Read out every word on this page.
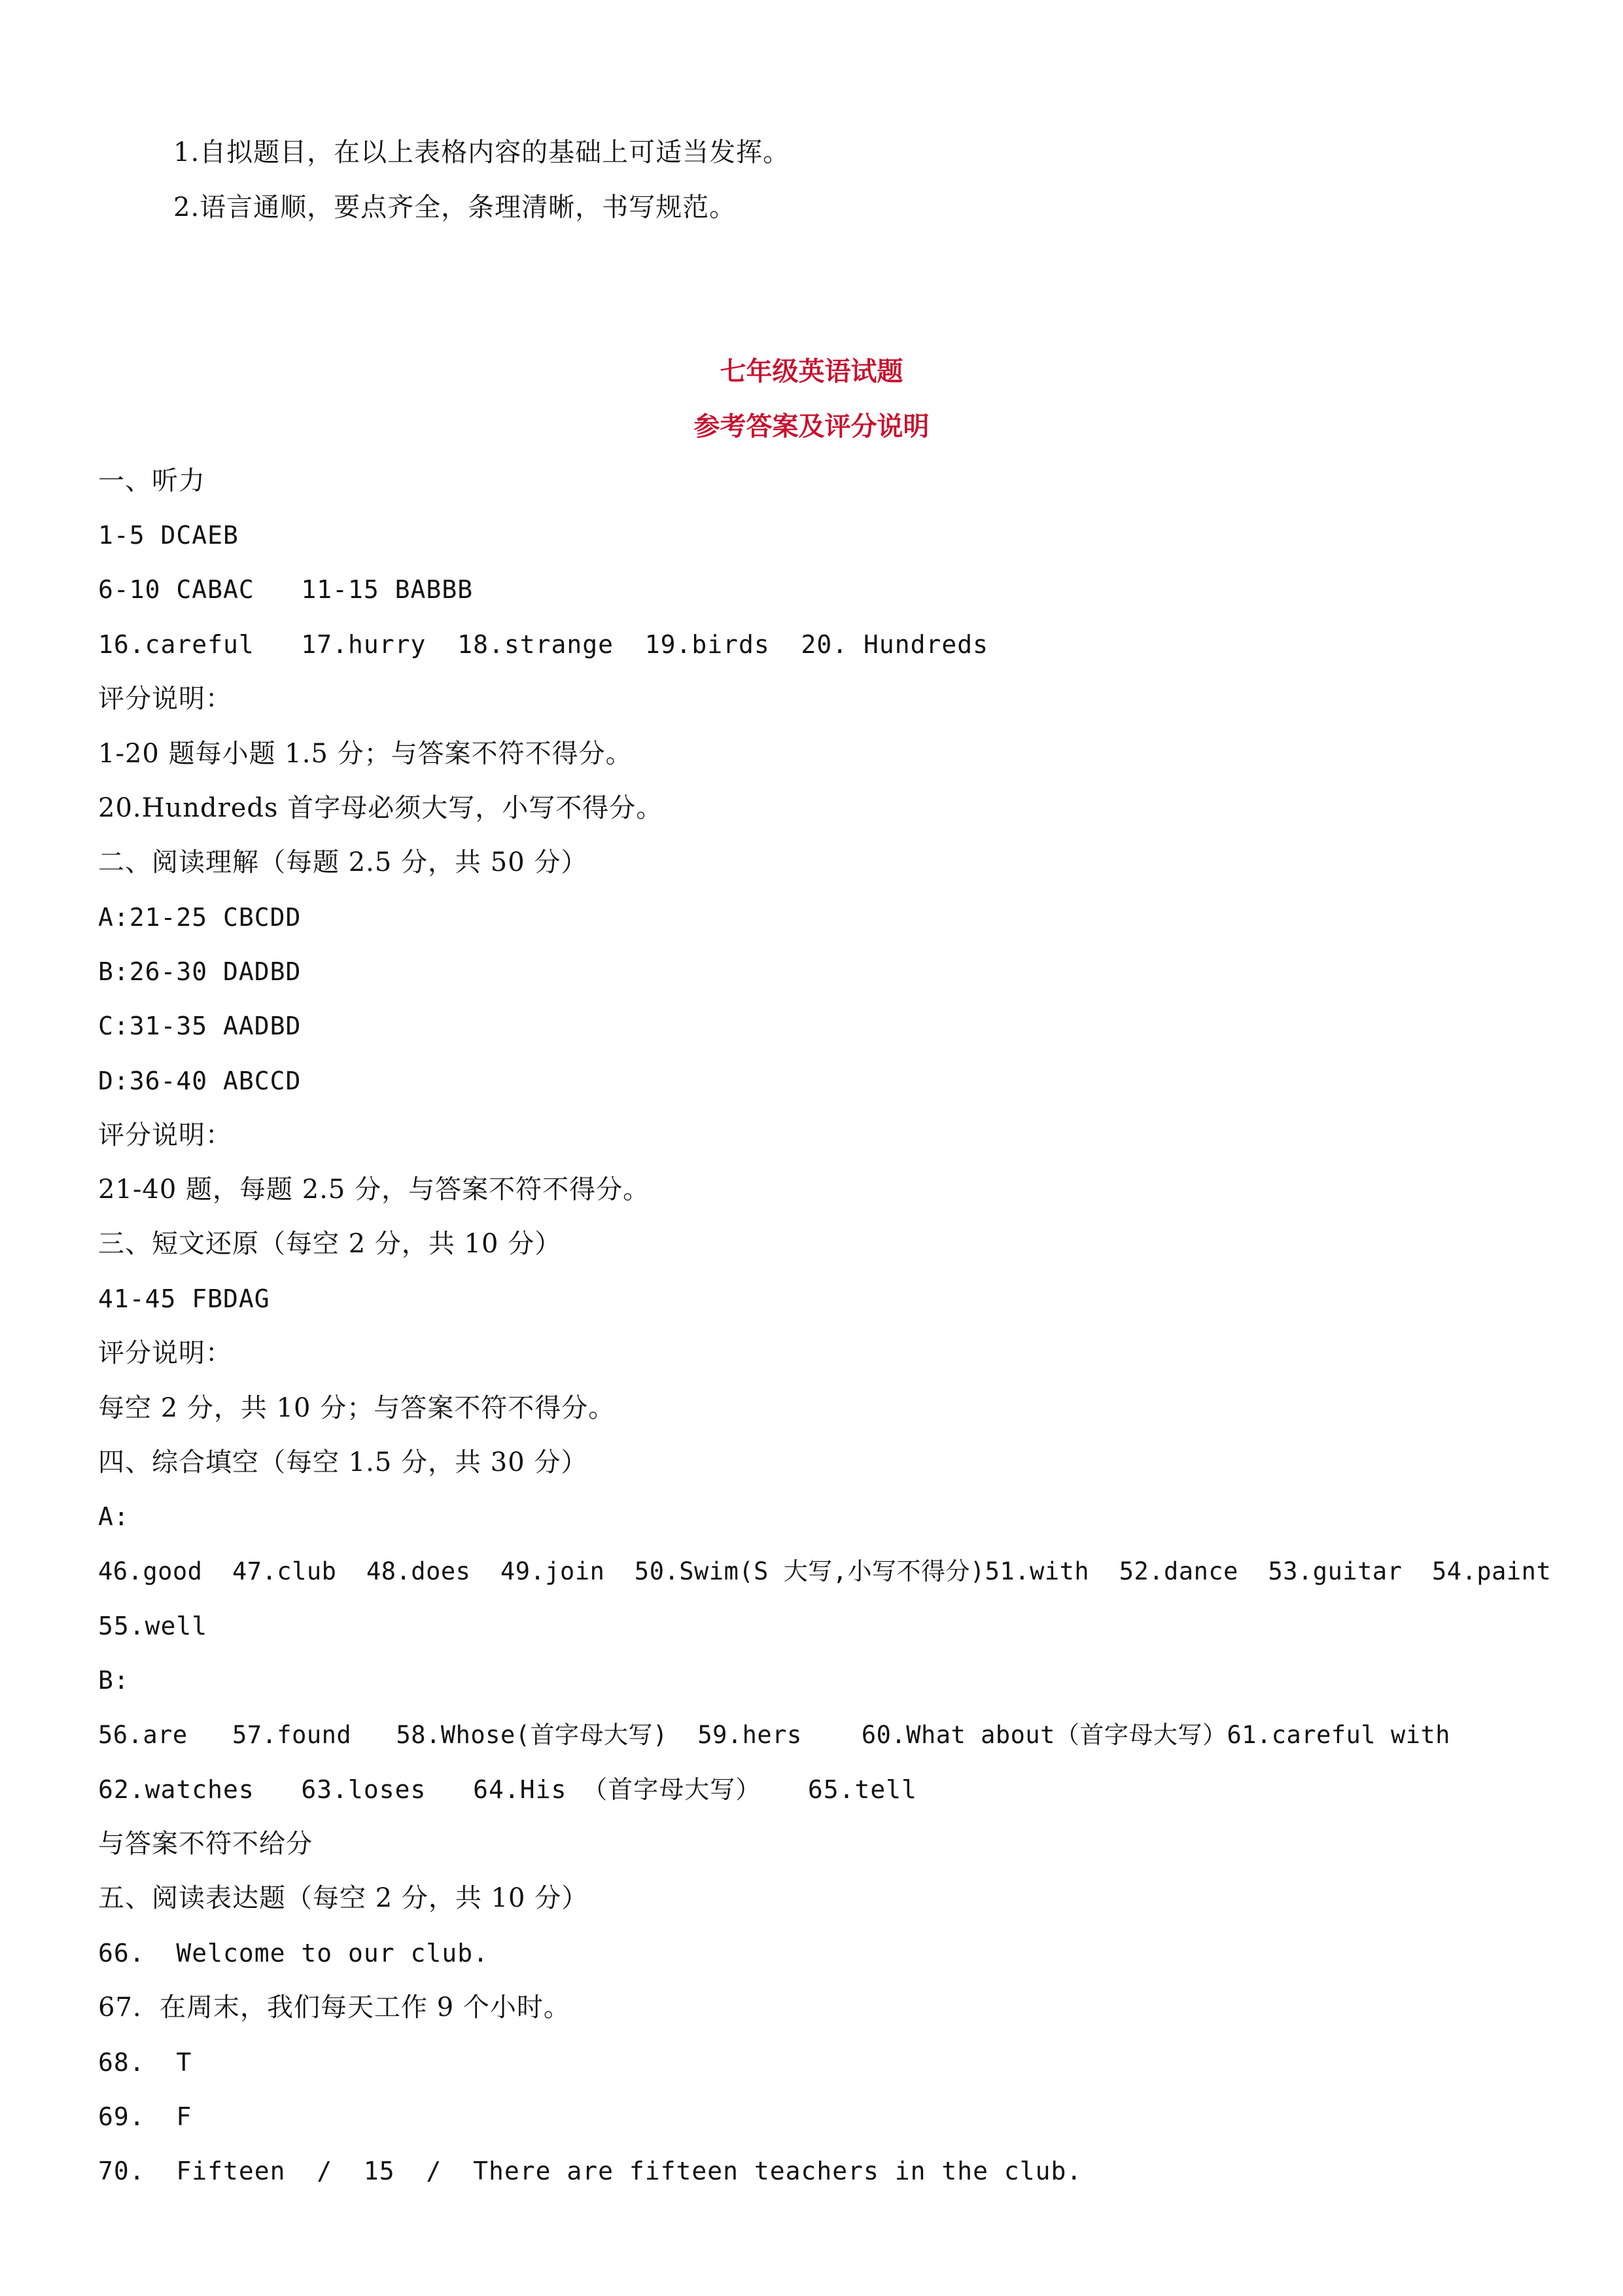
1.自拟题目，在以上表格内容的基础上可适当发挥。
2.语言通顺，要点齐全，条理清晰，书写规范。
七年级英语试题
参考答案及评分说明
一、听力
1-5 DCAEB
6-10 CABAC   11-15 BABBB
16.careful   17.hurry  18.strange  19.birds  20. Hundreds
评分说明：
1-20 题每小题 1.5 分；与答案不符不得分。
20.Hundreds 首字母必须大写，小写不得分。
二、阅读理解（每题 2.5 分，共 50 分）
A:21-25 CBCDD
B:26-30 DADBD
C:31-35 AADBD
D:36-40 ABCCD
评分说明：
21-40 题，每题 2.5 分，与答案不符不得分。
三、短文还原（每空 2 分，共 10 分）
41-45 FBDAG
评分说明：
每空 2 分，共 10 分；与答案不符不得分。
四、综合填空（每空 1.5 分，共 30 分）
A:
46.good  47.club  48.does  49.join  50.Swim(S 大写,小写不得分)51.with  52.dance  53.guitar  54.paint
55.well
B:
56.are   57.found   58.Whose(首字母大写)  59.hers    60.What about（首字母大写）61.careful with
62.watches   63.loses   64.His （首字母大写）   65.tell
与答案不符不给分
五、阅读表达题（每空 2 分，共 10 分）
66.  Welcome to our club.
67.  在周末，我们每天工作 9 个小时。
68.  T
69.  F
70.  Fifteen  /  15  /  There are fifteen teachers in the club.
